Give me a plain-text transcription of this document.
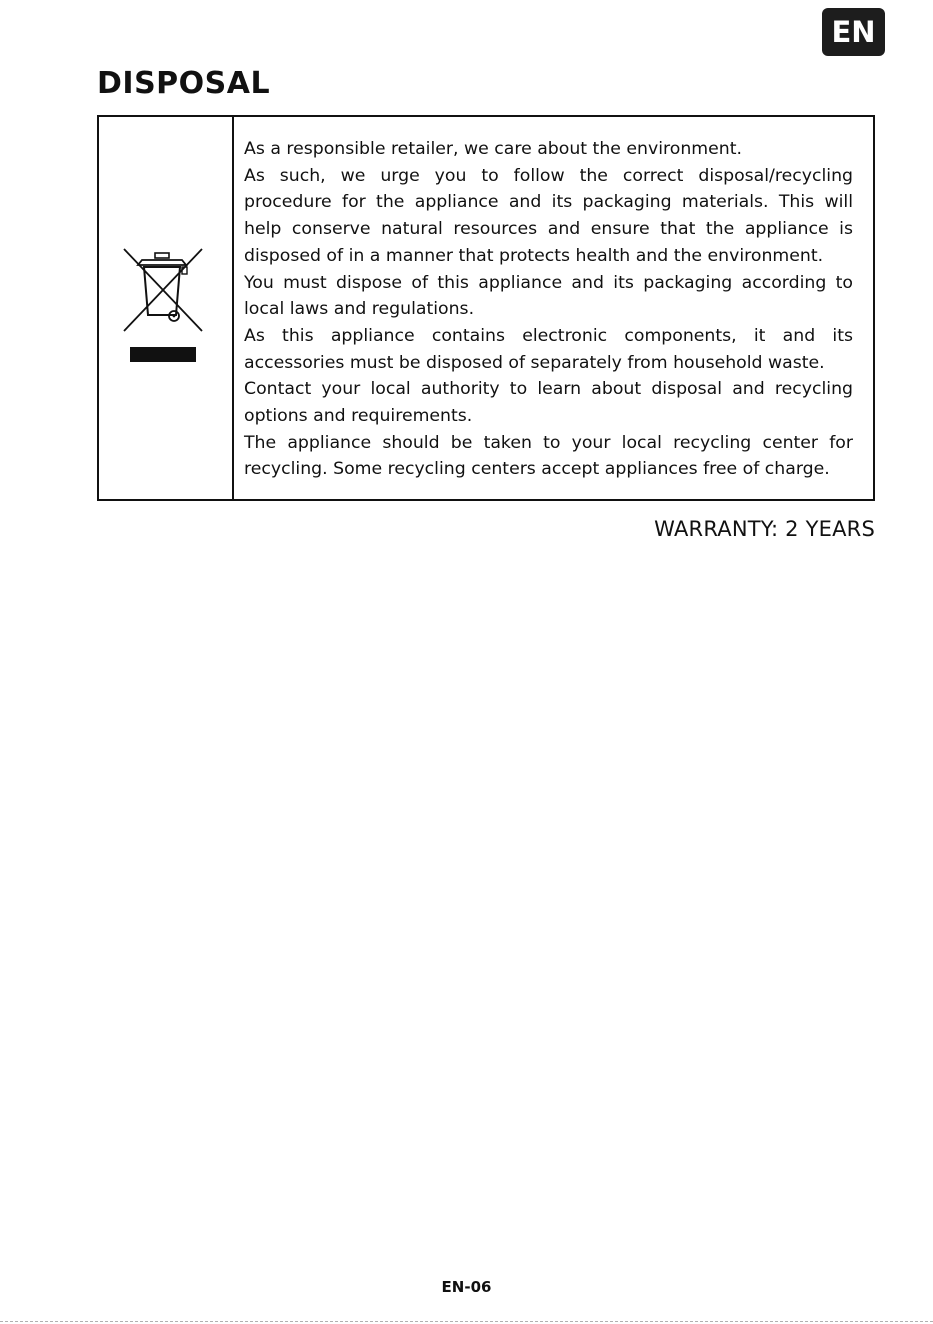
EN
DISPOSAL
As a responsible retailer, we care about the environment.
As such, we urge you to follow the correct disposal/recycling
procedure for the appliance and its packaging materials. This will
help conserve natural resources and ensure that the appliance is
disposed of in a manner that protects health and the environment.
You must dispose of this appliance and its packaging according to
local laws and regulations.
As this appliance contains electronic components, it and its
accessories must be disposed of separately from household waste.
Contact your local authority to learn about disposal and recycling
options and requirements.
The appliance should be taken to your local recycling center for
recycling. Some recycling centers accept appliances free of charge.
WARRANTY: 2 YEARS
EN-06
